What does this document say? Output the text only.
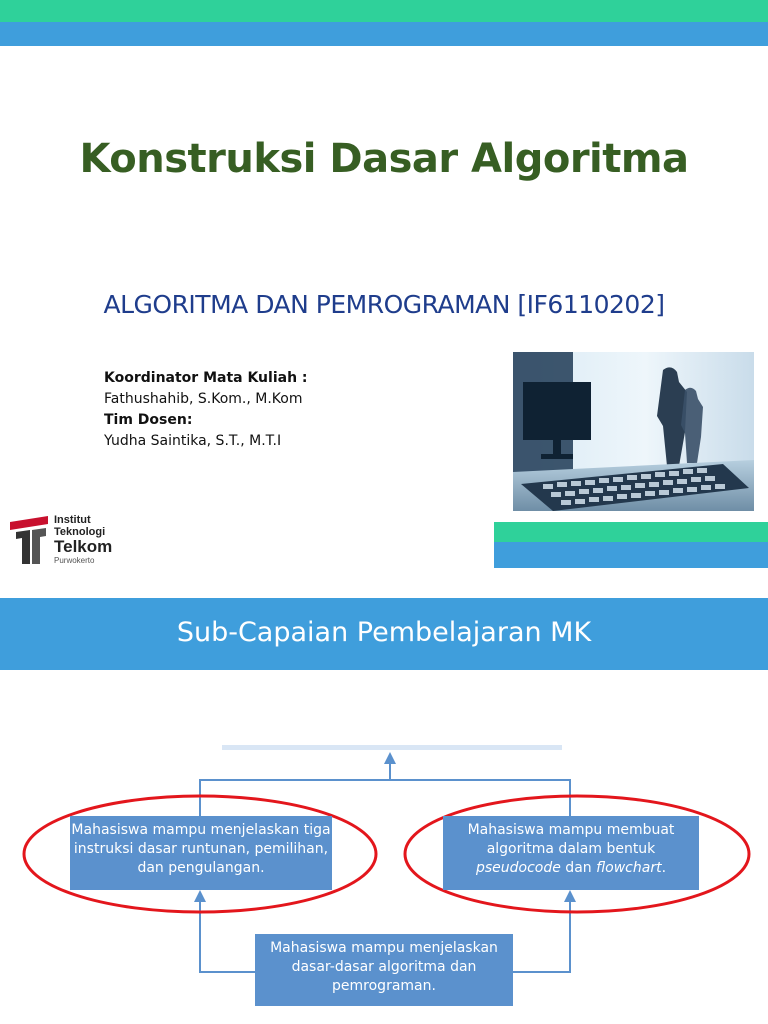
Konstruksi Dasar Algoritma
ALGORITMA DAN PEMROGRAMAN [IF6110202]
Koordinator Mata Kuliah :
Fathushahib, S.Kom., M.Kom
Tim Dosen:
Yudha Saintika, S.T., M.T.I
Institut
Teknologi
Telkom
Purwokerto
Sub-Capaian Pembelajaran MK
Mahasiswa mampu menjelaskan tiga instruksi dasar runtunan, pemilihan, dan pengulangan.
Mahasiswa mampu membuat algoritma dalam bentuk
pseudocode dan flowchart.
Mahasiswa mampu menjelaskan dasar-dasar algoritma dan pemrograman.
